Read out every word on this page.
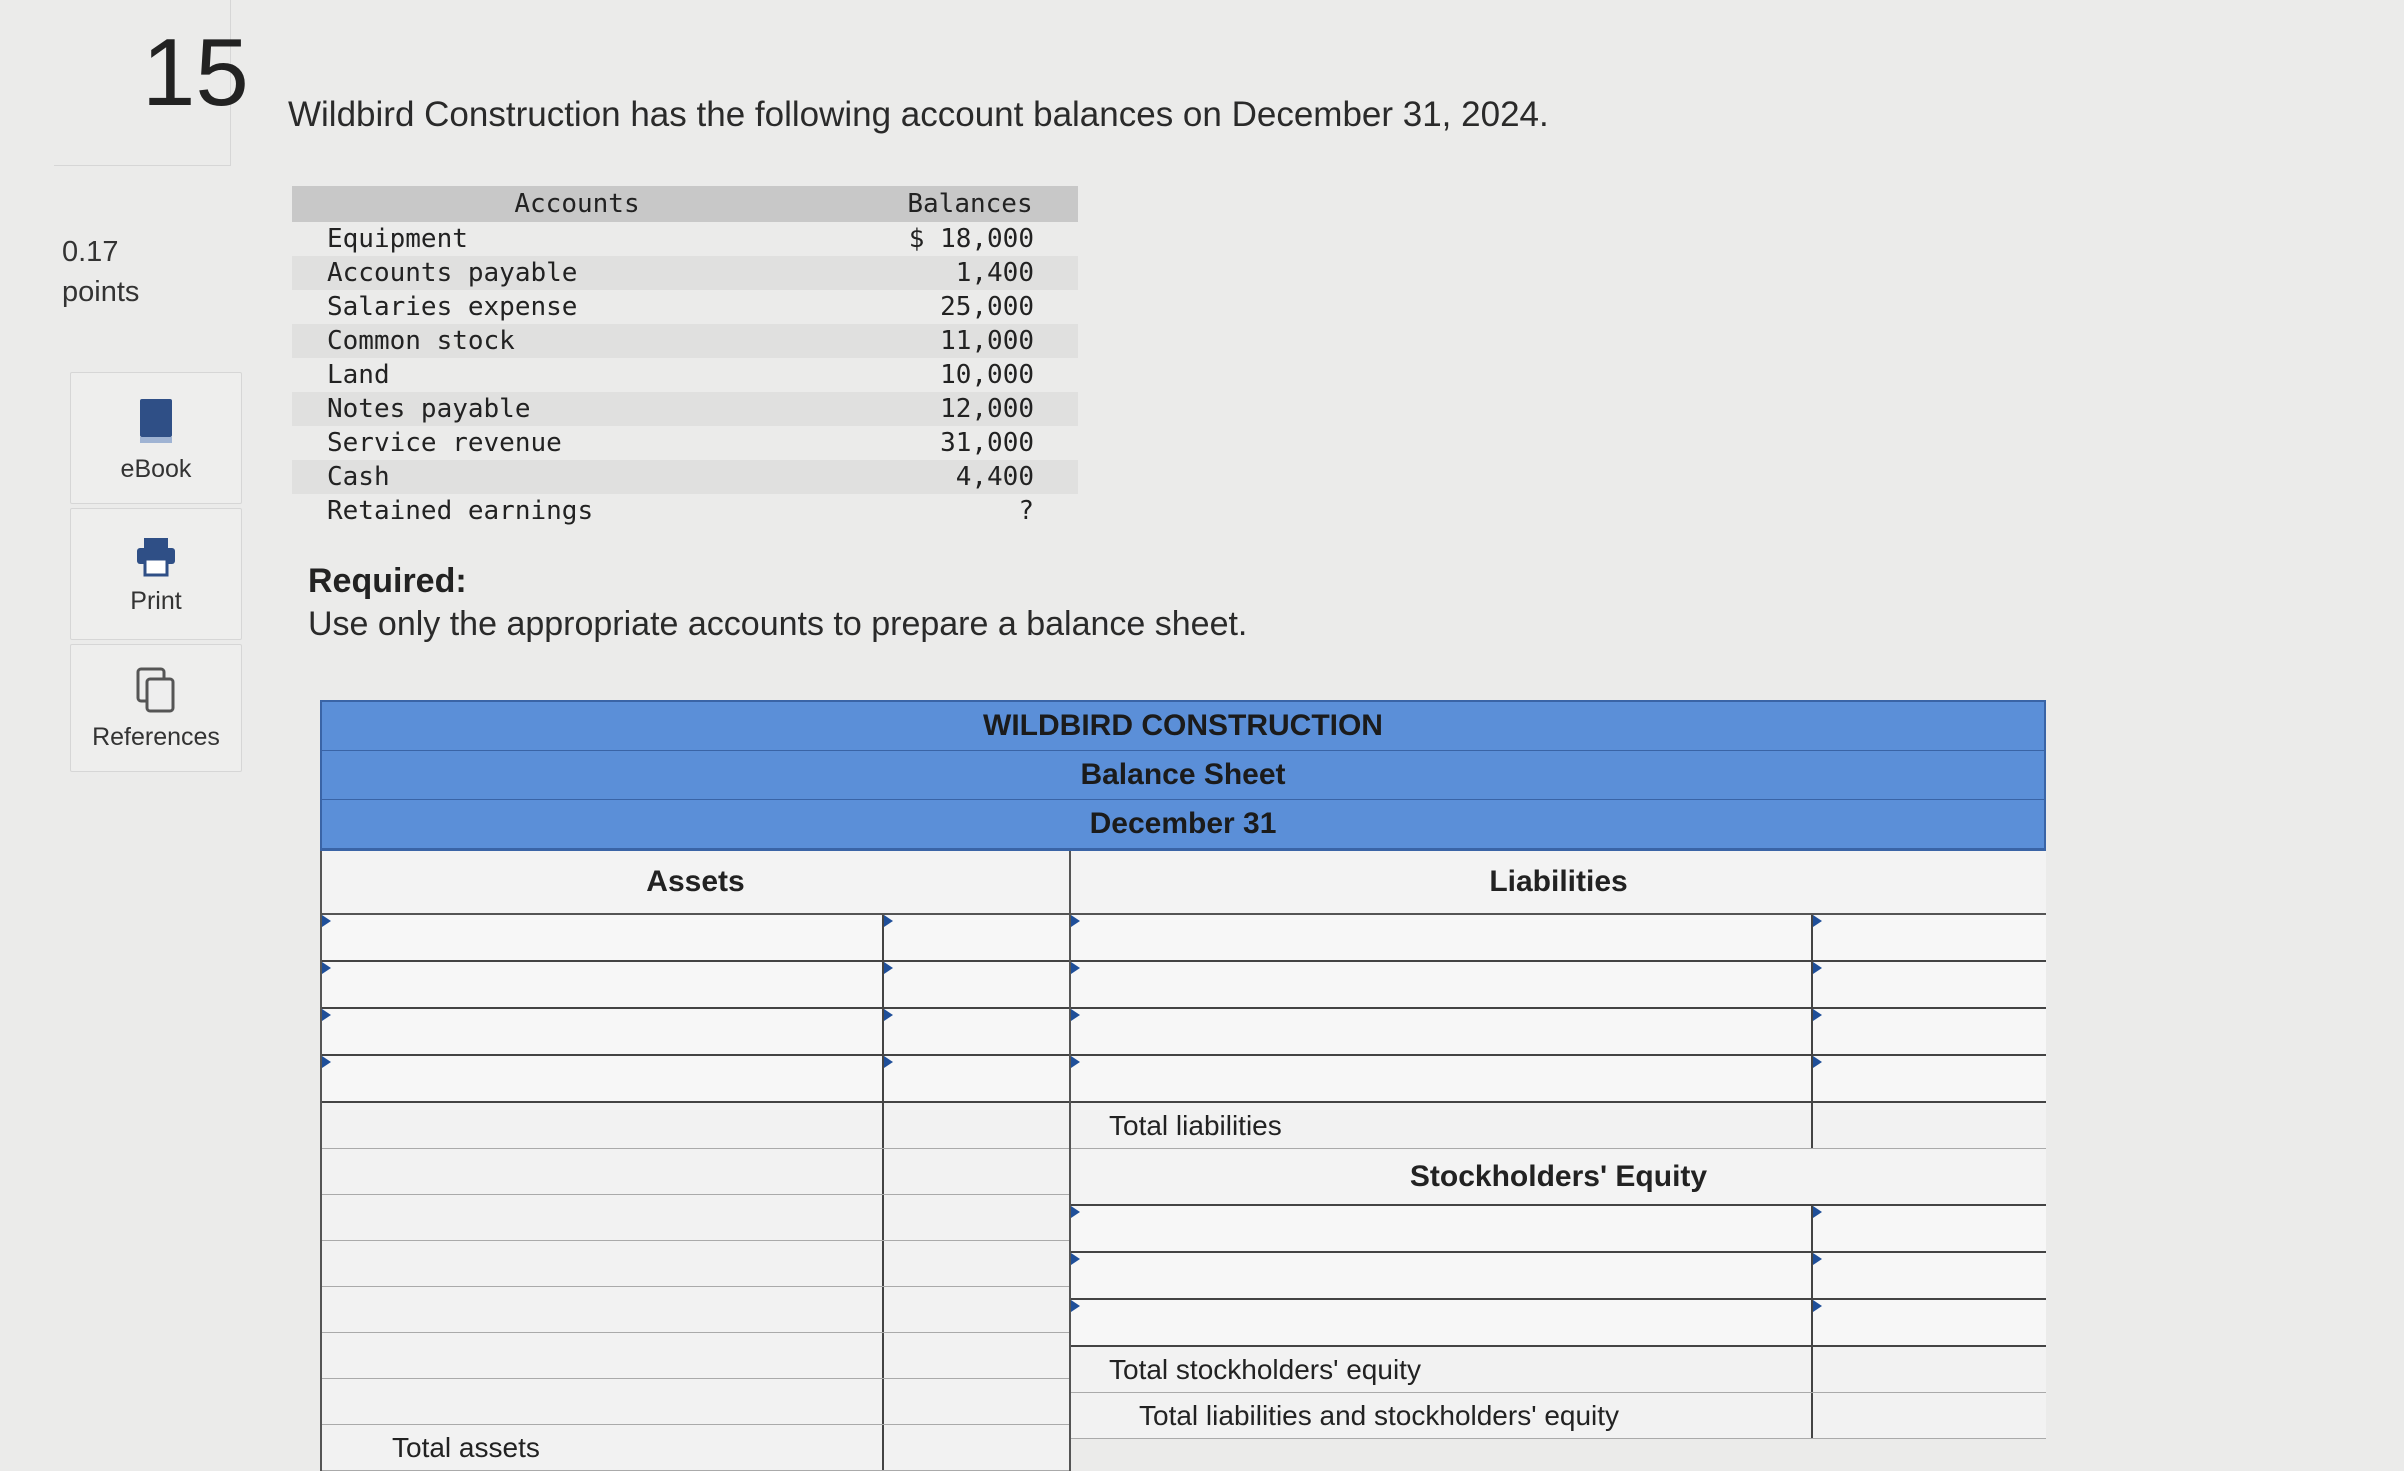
15
0.17
points
eBook
Print
References
Wildbird Construction has the following account balances on December 31, 2024.
Accounts	Balances
Equipment	$ 18,000
Accounts payable	1,400
Salaries expense	25,000
Common stock	11,000
Land	10,000
Notes payable	12,000
Service revenue	31,000
Cash	4,400
Retained earnings	?
Required:
Use only the appropriate accounts to prepare a balance sheet.
WILDBIRD CONSTRUCTION
Balance Sheet
December 31
Assets
Total assets
Liabilities
Total liabilities
Stockholders' Equity
Total stockholders' equity
Total liabilities and stockholders' equity
